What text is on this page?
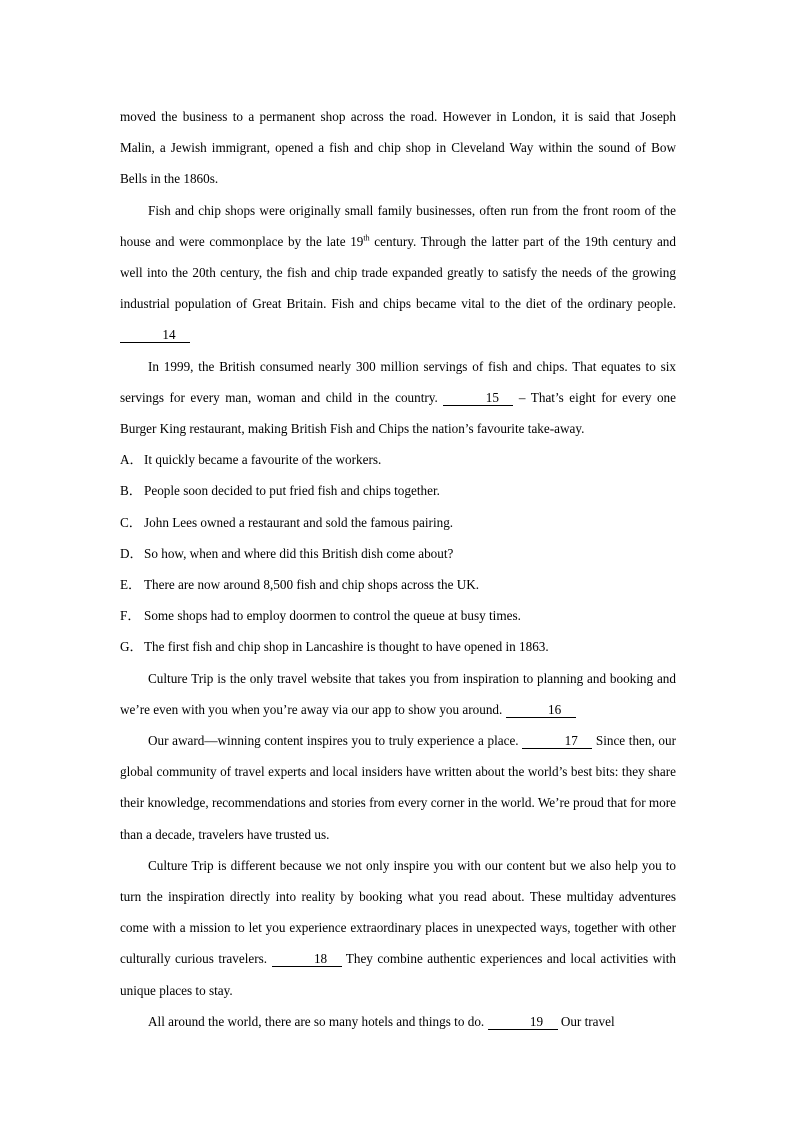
moved the business to a permanent shop across the road. However in London, it is said that Joseph Malin, a Jewish immigrant, opened a fish and chip shop in Cleveland Way within the sound of Bow Bells in the 1860s.

Fish and chip shops were originally small family businesses, often run from the front room of the house and were commonplace by the late 19th century. Through the latter part of the 19th century and well into the 20th century, the fish and chip trade expanded greatly to satisfy the needs of the growing industrial population of Great Britain. Fish and chips became vital to the diet of the ordinary people. 14

In 1999, the British consumed nearly 300 million servings of fish and chips. That equates to six servings for every man, woman and child in the country.	15 – That’s eight for every one Burger King restaurant, making British Fish and Chips the nation’s favourite take-away.

A．It quickly became a favourite of the workers.

B． People soon decided to put fried fish and chips together.

C． John Lees owned a restaurant and sold the famous pairing.

D．So how, when and where did this British dish come about?

E． There are now around 8,500 fish and chip shops across the UK.

F． Some shops had to employ doormen to control the queue at busy times.

G．The first fish and chip shop in Lancashire is thought to have opened in 1863.

Culture Trip is the only travel website that takes you from inspiration to planning and booking and we’re even with you when you’re away via our app to show you around.	16

Our award—winning content inspires you to truly experience a place.	17 Since then, our global community of travel experts and local insiders have written about the world’s best bits: they share their knowledge, recommendations and stories from every corner in the world. We’re proud that for more than a decade, travelers have trusted us.

Culture Trip is different because we not only inspire you with our content but we also help you to turn the inspiration directly into reality by booking what you read about. These multiday adventures come with a mission to let you experience extraordinary places in unexpected ways, together with other culturally curious travelers.	18 They combine authentic experiences and local activities with unique places to stay.

All around the world, there are so many hotels and things to do.	19 Our travel
